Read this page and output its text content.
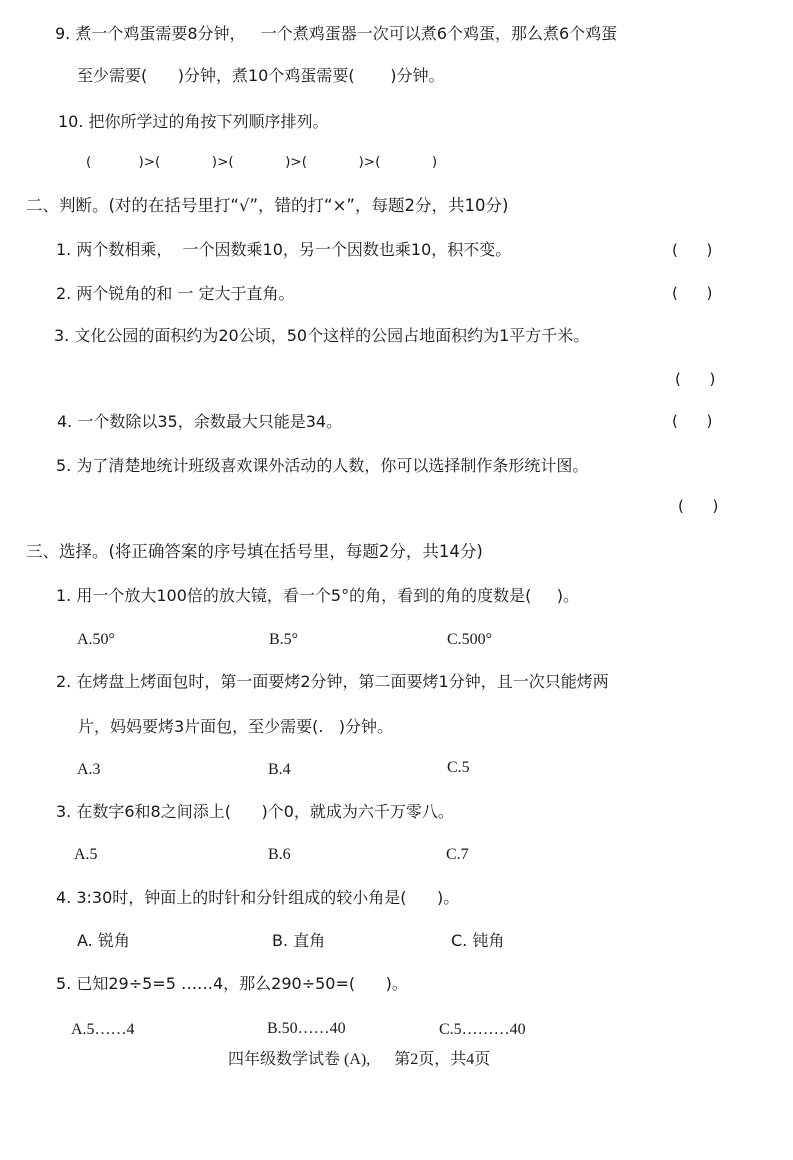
9. 煮一个鸡蛋需要8分钟，   一个煮鸡蛋器一次可以煮6个鸡蛋，那么煮6个鸡蛋
至少需要(      )分钟，煮10个鸡蛋需要(       )分钟。
10. 把你所学过的角按下列顺序排列。
(           )>(            )>(            )>(            )>(            )
二、判断。(对的在括号里打“√”，错的打“×”，每题2分，共10分)
1. 两个数相乘，  一个因数乘10，另一个因数也乘10，积不变。	(      )
2. 两个锐角的和 一 定大于直角。	(      )
3. 文化公园的面积约为20公顷，50个这样的公园占地面积约为1平方千米。
(      )
4. 一个数除以35，余数最大只能是34。	(      )
5. 为了清楚地统计班级喜欢课外活动的人数，你可以选择制作条形统计图。
(      )
三、选择。(将正确答案的序号填在括号里，每题2分，共14分)
1. 用一个放大100倍的放大镜，看一个5°的角，看到的角的度数是(     )。
A.50°	B.5°	C.500°
2. 在烤盘上烤面包时，第一面要烤2分钟，第二面要烤1分钟，且一次只能烤两
片，妈妈要烤3片面包，至少需要(.   )分钟。
A.3	B.4	C.5
3. 在数字6和8之间添上(      )个0，就成为六千万零八。
A.5	B.6	C.7
4. 3:30时，钟面上的时针和分针组成的较小角是(      )。
A. 锐角	B. 直角	C. 钝角
5. 已知29÷5=5 ……4，那么290÷50=(      )。
A.5……4	B.50……40	C.5………40
四年级数学试卷 (A),      第2页，共4页
